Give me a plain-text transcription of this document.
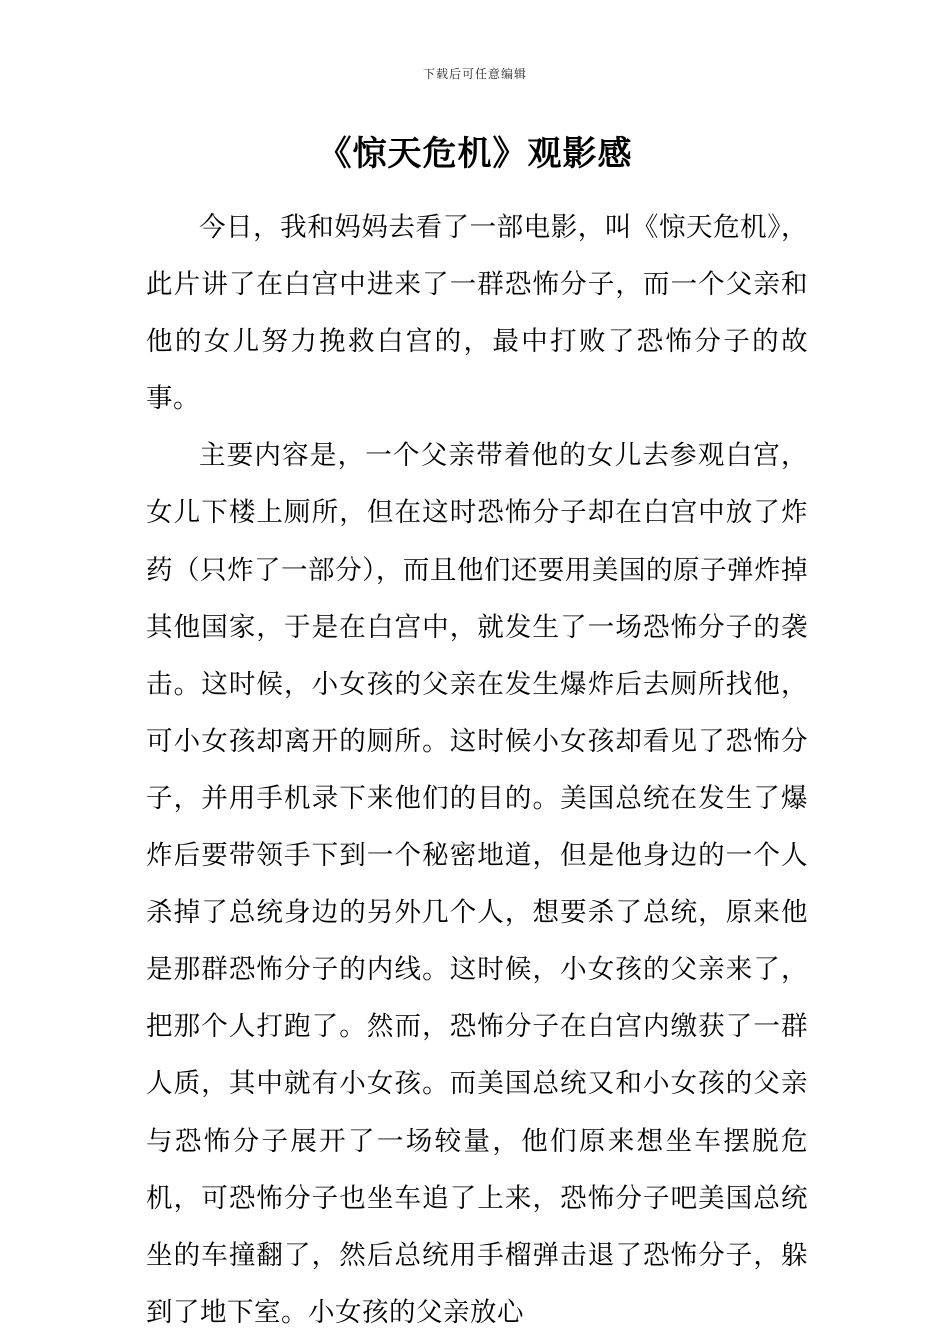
下载后可任意编辑
《惊天危机》观影感

今日，我和妈妈去看了一部电影，叫《惊天危机》，此片讲了在白宫中进来了一群恐怖分子，而一个父亲和他的女儿努力挽救白宫的，最中打败了恐怖分子的故事。

主要内容是，一个父亲带着他的女儿去参观白宫，女儿下楼上厕所，但在这时恐怖分子却在白宫中放了炸药（只炸了一部分），而且他们还要用美国的原子弹炸掉其他国家，于是在白宫中，就发生了一场恐怖分子的袭击。这时候，小女孩的父亲在发生爆炸后去厕所找他，可小女孩却离开的厕所。这时候小女孩却看见了恐怖分子，并用手机录下来他们的目的。美国总统在发生了爆炸后要带领手下到一个秘密地道，但是他身边的一个人杀掉了总统身边的另外几个人，想要杀了总统，原来他是那群恐怖分子的内线。这时候，小女孩的父亲来了，把那个人打跑了。然而，恐怖分子在白宫内缴获了一群人质，其中就有小女孩。而美国总统又和小女孩的父亲与恐怖分子展开了一场较量，他们原来想坐车摆脱危机，可恐怖分子也坐车追了上来，恐怖分子吧美国总统坐的车撞翻了，然后总统用手榴弹击退了恐怖分子，躲到了地下室。小女孩的父亲放心
